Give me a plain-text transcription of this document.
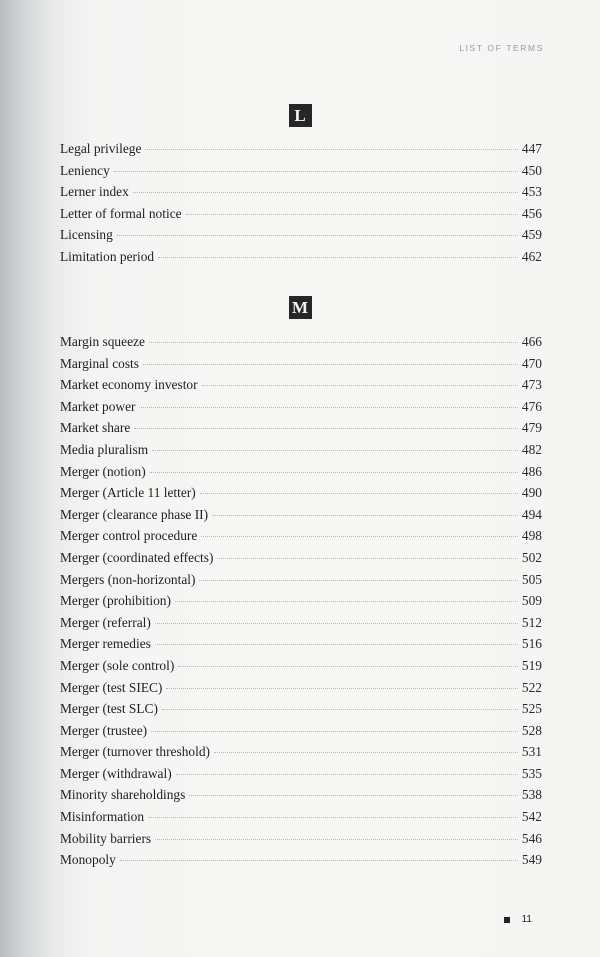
LIST OF TERMS
L
Legal privilege	447
Leniency	450
Lerner index	453
Letter of formal notice	456
Licensing	459
Limitation period	462
M
Margin squeeze	466
Marginal costs	470
Market economy investor	473
Market power	476
Market share	479
Media pluralism	482
Merger (notion)	486
Merger (Article 11 letter)	490
Merger (clearance phase II)	494
Merger control procedure	498
Merger (coordinated effects)	502
Mergers (non-horizontal)	505
Merger (prohibition)	509
Merger (referral)	512
Merger remedies	516
Merger (sole control)	519
Merger (test SIEC)	522
Merger (test SLC)	525
Merger (trustee)	528
Merger (turnover threshold)	531
Merger (withdrawal)	535
Minority shareholdings	538
Misinformation	542
Mobility barriers	546
Monopoly	549
11
